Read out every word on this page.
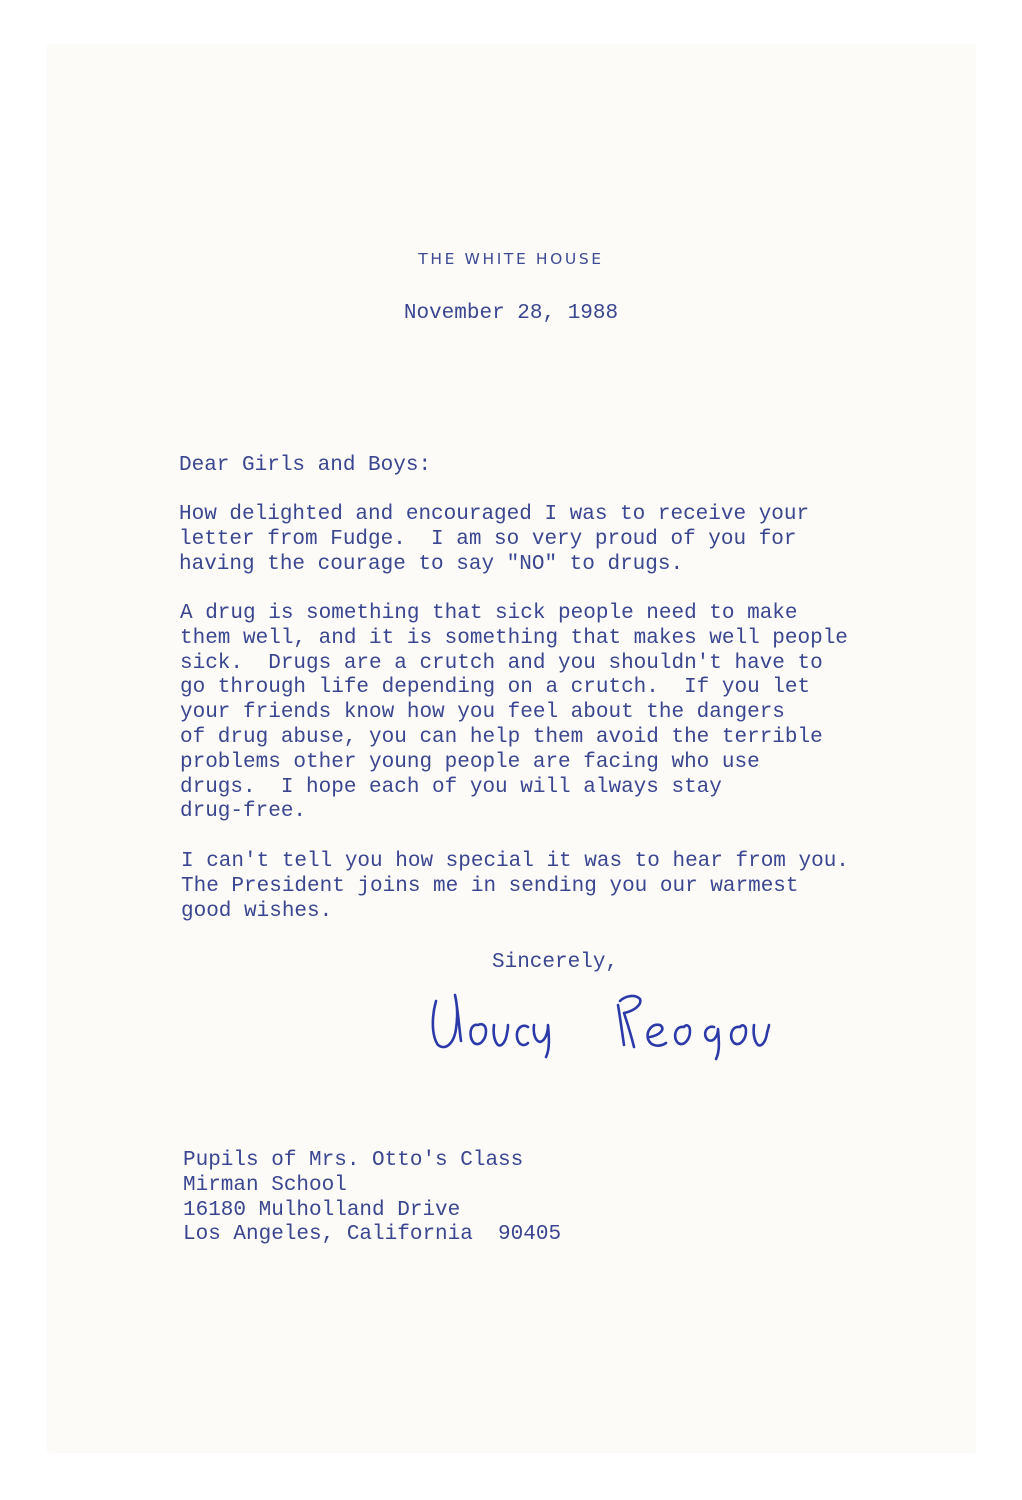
THE WHITE HOUSE
November 28, 1988
Dear Girls and Boys:
How delighted and encouraged I was to receive your
letter from Fudge.  I am so very proud of you for
having the courage to say "NO" to drugs.
A drug is something that sick people need to make
them well, and it is something that makes well people
sick.  Drugs are a crutch and you shouldn't have to
go through life depending on a crutch.  If you let
your friends know how you feel about the dangers
of drug abuse, you can help them avoid the terrible
problems other young people are facing who use
drugs.  I hope each of you will always stay
drug-free.
I can't tell you how special it was to hear from you.
The President joins me in sending you our warmest
good wishes.
Sincerely,
Pupils of Mrs. Otto's Class
Mirman School
16180 Mulholland Drive
Los Angeles, California  90405
